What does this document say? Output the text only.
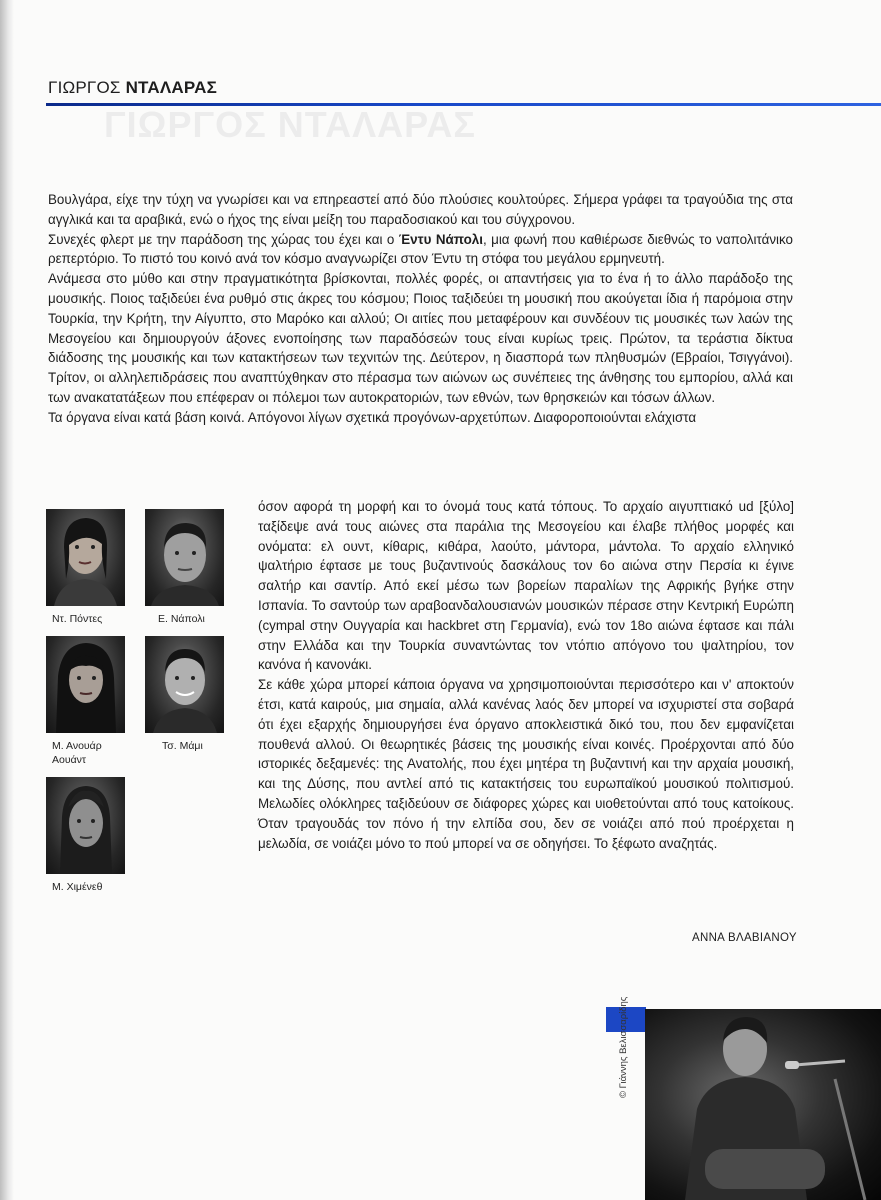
ΓΙΩΡΓΟΣ ΝΤΑΛΑΡΑΣ
ΓΙΩΡΓΟΣ ΝΤΑΛΑΡΑΣ

Βουλγάρα, είχε την τύχη να γνωρίσει και να επηρεαστεί από δύο πλούσιες κουλτούρες. Σήμερα γράφει τα τραγούδια της στα αγγλικά και τα αραβικά, ενώ ο ήχος της είναι μείξη του παραδοσιακού και του σύγχρονου.

Συνεχές φλερτ με την παράδοση της χώρας του έχει και ο Έντυ Νάπολι, μια φωνή που καθιέρωσε διεθνώς το ναπολιτάνικο ρεπερτόριο. Το πιστό του κοινό ανά τον κόσμο αναγνωρίζει στον Έντυ τη στόφα του μεγάλου ερμηνευτή.

Ανάμεσα στο μύθο και στην πραγματικότητα βρίσκονται, πολλές φορές, οι απαντήσεις για το ένα ή το άλλο παράδοξο της μουσικής. Ποιος ταξιδεύει ένα ρυθμό στις άκρες του κόσμου; Ποιος ταξιδεύει τη μουσική που ακούγεται ίδια ή παρόμοια στην Τουρκία, την Κρήτη, την Αίγυπτο, στο Μαρόκο και αλλού; Οι αιτίες που μεταφέρουν και συνδέουν τις μουσικές των λαών της Μεσογείου και δημιουργούν άξονες ενοποίησης των παραδόσεών τους είναι κυρίως τρεις. Πρώτον, τα τεράστια δίκτυα διάδοσης της μουσικής και των κατακτήσεων των τεχνιτών της. Δεύτερον, η διασπορά των πληθυσμών (Εβραίοι, Τσιγγάνοι). Τρίτον, οι αλληλεπιδράσεις που αναπτύχθηκαν στο πέρασμα των αιώνων ως συνέπειες της άνθησης του εμπορίου, αλλά και των ανακατατάξεων που επέφεραν οι πόλεμοι των αυτοκρατοριών, των εθνών, των θρησκειών και τόσων άλλων.

Τα όργανα είναι κατά βάση κοινά. Απόγονοι λίγων σχετικά προγόνων-αρχετύπων. Διαφοροποιούνται ελάχιστα

όσον αφορά τη μορφή και το όνομά τους κατά τόπους. Το αρχαίο αιγυπτιακό ud [ξύλο] ταξίδεψε ανά τους αιώνες στα παράλια της Μεσογείου και έλαβε πλήθος μορφές και ονόματα: ελ ουντ, κίθαρις, κιθάρα, λαούτο, μάντορα, μάντολα. Το αρχαίο ελληνικό ψαλτήριο έφτασε με τους βυζαντινούς δασκάλους τον 6ο αιώνα στην Περσία κι έγινε σαλτήρ και σαντίρ. Από εκεί μέσω των βορείων παραλίων της Αφρικής βγήκε στην Ισπανία. Το σαντούρ των αραβοανδαλουσιανών μουσικών πέρασε στην Κεντρική Ευρώπη (cympal στην Ουγγαρία και hackbret στη Γερμανία), ενώ τον 18ο αιώνα έφτασε και πάλι στην Ελλάδα και την Τουρκία συναντώντας τον ντόπιο απόγονο του ψαλτηρίου, τον κανόνα ή κανονάκι.

Σε κάθε χώρα μπορεί κάποια όργανα να χρησιμοποιούνται περισσότερο και ν' αποκτούν έτσι, κατά καιρούς, μια σημαία, αλλά κανένας λαός δεν μπορεί να ισχυριστεί στα σοβαρά ότι έχει εξαρχής δημιουργήσει ένα όργανο αποκλειστικά δικό του, που δεν εμφανίζεται πουθενά αλλού. Οι θεωρητικές βάσεις της μουσικής είναι κοινές. Προέρχονται από δύο ιστορικές δεξαμενές: της Ανατολής, που έχει μητέρα τη βυζαντινή και την αρχαία μουσική, και της Δύσης, που αντλεί από τις κατακτήσεις του ευρωπαϊκού μουσικού πολιτισμού. Μελωδίες ολόκληρες ταξιδεύουν σε διάφορες χώρες και υιοθετούνται από τους κατοίκους. Όταν τραγουδάς τον πόνο ή την ελπίδα σου, δεν σε νοιάζει από πού προέρχεται η μελωδία, σε νοιάζει μόνο το πού μπορεί να σε οδηγήσει. Το ξέφωτο αναζητάς.

Ντ. Πόντες	Ε. Νάπολι
Μ. Ανουάρ
Αουάντ
Τσ. Μάμι
Μ. Χιμένεθ
ΑΝΝΑ ΒΛΑΒΙΑΝΟΥ
© Γιάννης Βελισσαρίδης
